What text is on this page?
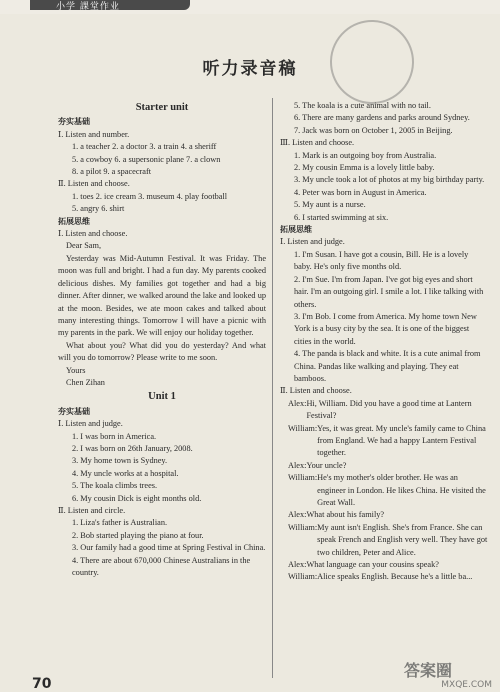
小学 課堂作业
听力录音稿
Starter unit
夯实基础
Ⅰ. Listen and number.
1. a teacher 2. a doctor 3. a train 4. a sheriff
5. a cowboy 6. a supersonic plane 7. a clown
8. a pilot 9. a spacecraft
Ⅱ. Listen and choose.
1. toes 2. ice cream 3. museum 4. play football
5. angry 6. shirt
拓展思维
Ⅰ. Listen and choose.
Dear Sam,
Yesterday was Mid-Autumn Festival. It was Friday. The moon was full and bright. I had a fun day. My parents cooked delicious dishes. My families got together and had a big dinner. After dinner, we walked around the lake and looked up at the moon. Besides, we ate moon cakes and talked about many interesting things. Tomorrow I will have a picnic with my parents in the park. We will enjoy our holiday together.
What about you? What did you do yesterday? And what will you do tomorrow? Please write to me soon.
Yours
Chen Zihan
Unit 1
夯实基础
Ⅰ. Listen and judge.
1. I was born in America.
2. I was born on 26th January, 2008.
3. My home town is Sydney.
4. My uncle works at a hospital.
5. The koala climbs trees.
6. My cousin Dick is eight months old.
Ⅱ. Listen and circle.
1. Liza's father is Australian.
2. Bob started playing the piano at four.
3. Our family had a good time at Spring Festival in China.
4. There are about 670,000 Chinese Australians in the country.
5. The koala is a cute animal with no tail.
6. There are many gardens and parks around Sydney.
7. Jack was born on October 1, 2005 in Beijing.
Ⅲ. Listen and choose.
1. Mark is an outgoing boy from Australia.
2. My cousin Emma is a lovely little baby.
3. My uncle took a lot of photos at my big birthday party.
4. Peter was born in August in America.
5. My aunt is a nurse.
6. I started swimming at six.
拓展思维
Ⅰ. Listen and judge.
1. I'm Susan. I have got a cousin, Bill. He is a lovely baby. He's only five months old.
2. I'm Sue. I'm from Japan. I've got big eyes and short hair. I'm an outgoing girl. I smile a lot. I like talking with others.
3. I'm Bob. I come from America. My home town New York is a busy city by the sea. It is one of the biggest cities in the world.
4. The panda is black and white. It is a cute animal from China. Pandas like walking and playing. They eat bamboos.
Ⅱ. Listen and choose.
Alex: Hi, William. Did you have a good time at Lantern Festival?
William: Yes, it was great. My uncle's family came to China from England. We had a happy Lantern Festival together.
Alex: Your uncle?
William: He's my mother's older brother. He was an engineer in London. He likes China. He visited the Great Wall.
Alex: What about his family?
William: My aunt isn't English. She's from France. She can speak French and English very well. They have got two children, Peter and Alice.
Alex: What language can your cousins speak?
William: Alice speaks English. Because he's a little ba...
70
答案圈
MXQE.COM
